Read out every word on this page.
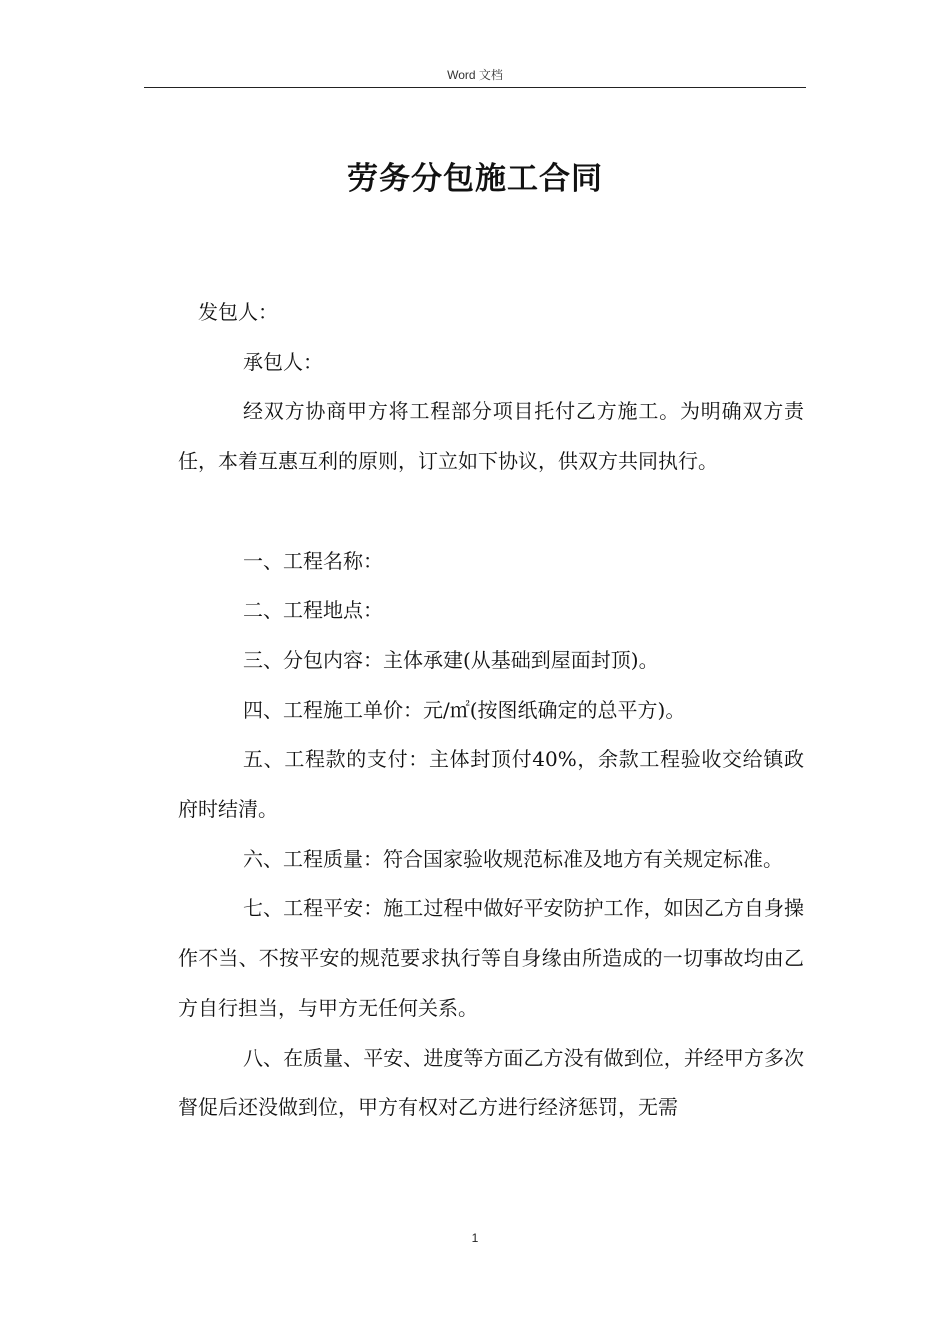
Word 文档
劳务分包施工合同

发包人：

承包人：

经双方协商甲方将工程部分项目托付乙方施工。为明确双方责任，本着互惠互利的原则，订立如下协议，供双方共同执行。

一、工程名称：

二、工程地点：

三、分包内容：主体承建(从基础到屋面封顶)。

四、工程施工单价：元/㎡(按图纸确定的总平方)。

五、工程款的支付：主体封顶付40%，余款工程验收交给镇政府时结清。

六、工程质量：符合国家验收规范标准及地方有关规定标准。

七、工程平安：施工过程中做好平安防护工作，如因乙方自身操作不当、不按平安的规范要求执行等自身缘由所造成的一切事故均由乙方自行担当，与甲方无任何关系。

八、在质量、平安、进度等方面乙方没有做到位，并经甲方多次督促后还没做到位，甲方有权对乙方进行经济惩罚，无需

1
